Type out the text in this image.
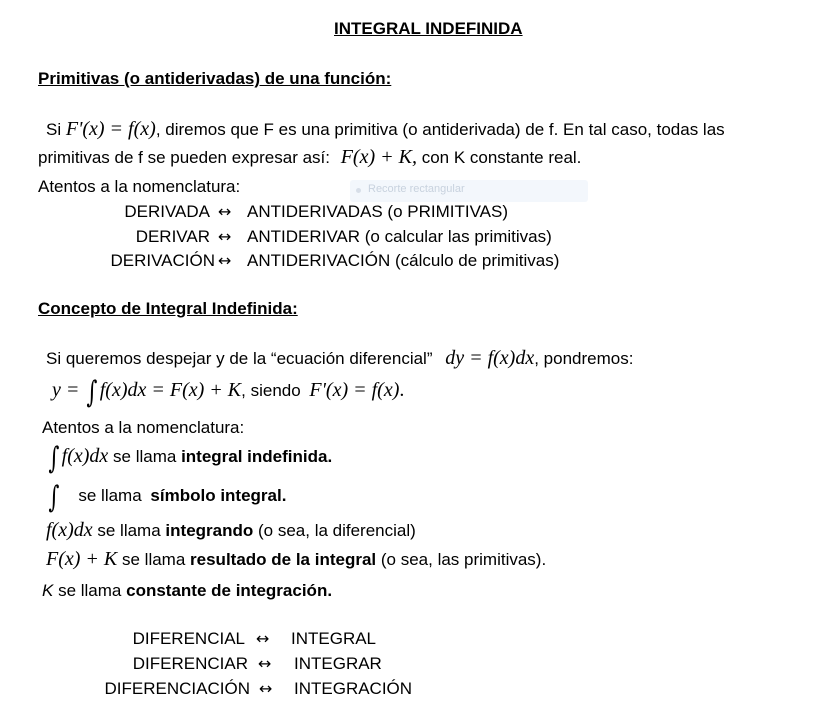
INTEGRAL INDEFINIDA
Primitivas (o antiderivadas) de una función:
Si F'(x) = f(x), diremos que F es una primitiva (o antiderivada) de f. En tal caso, todas las
primitivas de f se pueden expresar así: F(x) + K, con K constante real.
Atentos a la nomenclatura:	Recorte rectangular
DERIVADA ↔ ANTIDERIVADAS (o PRIMITIVAS)
DERIVAR ↔ ANTIDERIVAR (o calcular las primitivas)
DERIVACIÓN ↔ ANTIDERIVACIÓN (cálculo de primitivas)
Concepto de Integral Indefinida:
Si queremos despejar y de la “ecuación diferencial” dy = f(x)dx, pondremos:
y = ∫ f(x)dx = F(x) + K, siendo F'(x) = f(x).
Atentos a la nomenclatura:
∫ f(x)dx se llama integral indefinida.
∫ se llama símbolo integral.
f(x)dx se llama integrando (o sea, la diferencial)
F(x) + K se llama resultado de la integral (o sea, las primitivas).
K se llama constante de integración.
DIFERENCIAL ↔ INTEGRAL
DIFERENCIAR ↔ INTEGRAR
DIFERENCIACIÓN ↔ INTEGRACIÓN
